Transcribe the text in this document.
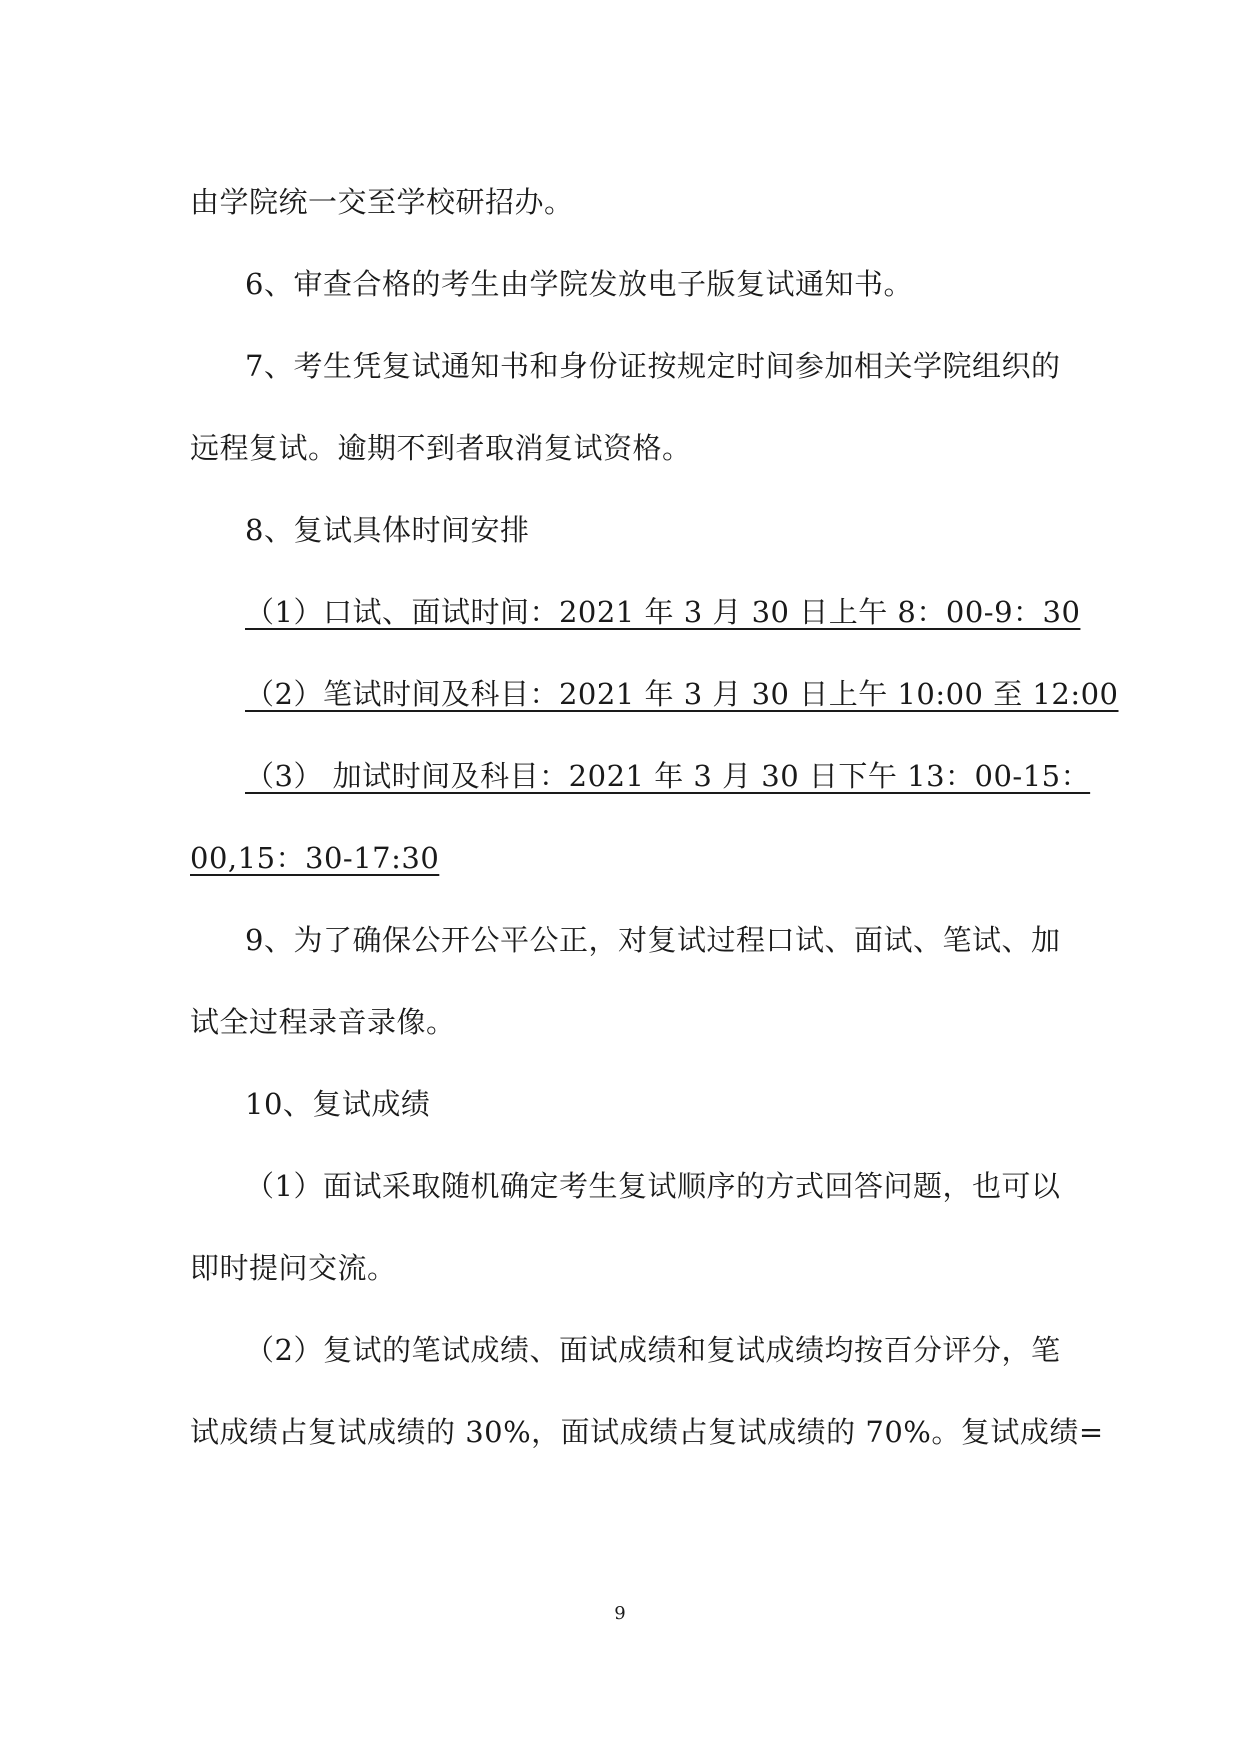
由学院统一交至学校研招办。
6、审查合格的考生由学院发放电子版复试通知书。
7、考生凭复试通知书和身份证按规定时间参加相关学院组织的
远程复试。逾期不到者取消复试资格。
8、复试具体时间安排
（1）口试、面试时间：2021 年 3 月 30 日上午 8：00-9：30
（2）笔试时间及科目：2021 年 3 月 30 日上午 10:00 至 12:00
（3） 加试时间及科目：2021 年 3 月 30 日下午 13：00-15：
00,15：30-17:30
9、为了确保公开公平公正，对复试过程口试、面试、笔试、加
试全过程录音录像。
10、复试成绩
（1）面试采取随机确定考生复试顺序的方式回答问题，也可以
即时提问交流。
（2）复试的笔试成绩、面试成绩和复试成绩均按百分评分，笔
试成绩占复试成绩的 30%，面试成绩占复试成绩的 70%。复试成绩=
9
